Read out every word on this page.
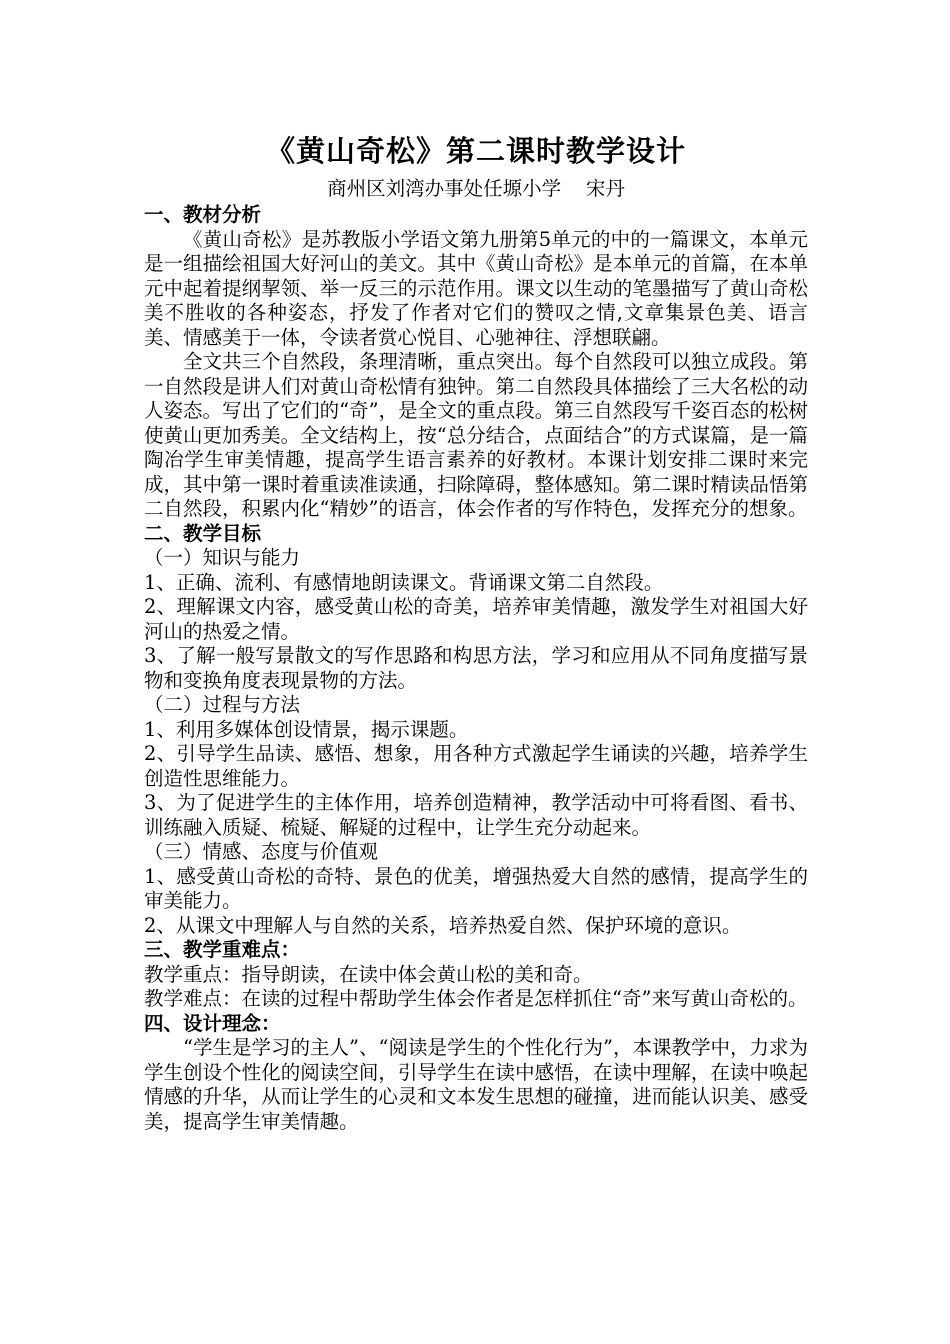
《黄山奇松》第二课时教学设计

商州区刘湾办事处任塬小学    宋丹

一、教材分析

《黄山奇松》是苏教版小学语文第九册第5单元的中的一篇课文，本单元是一组描绘祖国大好河山的美文。其中《黄山奇松》是本单元的首篇，在本单元中起着提纲挈领、举一反三的示范作用。课文以生动的笔墨描写了黄山奇松美不胜收的各种姿态，抒发了作者对它们的赞叹之情,文章集景色美、语言美、情感美于一体，令读者赏心悦目、心驰神往、浮想联翩。

全文共三个自然段，条理清晰，重点突出。每个自然段可以独立成段。第一自然段是讲人们对黄山奇松情有独钟。第二自然段具体描绘了三大名松的动人姿态。写出了它们的“奇”，是全文的重点段。第三自然段写千姿百态的松树使黄山更加秀美。全文结构上，按“总分结合，点面结合”的方式谋篇，是一篇陶冶学生审美情趣，提高学生语言素养的好教材。本课计划安排二课时来完成，其中第一课时着重读准读通，扫除障碍，整体感知。第二课时精读品悟第二自然段，积累内化“精妙”的语言，体会作者的写作特色，发挥充分的想象。

二、教学目标

（一）知识与能力

1、正确、流利、有感情地朗读课文。背诵课文第二自然段。

2、理解课文内容，感受黄山松的奇美，培养审美情趣，激发学生对祖国大好河山的热爱之情。

3、了解一般写景散文的写作思路和构思方法，学习和应用从不同角度描写景物和变换角度表现景物的方法。

（二）过程与方法

1、利用多媒体创设情景，揭示课题。

2、引导学生品读、感悟、想象，用各种方式激起学生诵读的兴趣，培养学生创造性思维能力。

3、为了促进学生的主体作用，培养创造精神，教学活动中可将看图、看书、训练融入质疑、梳疑、解疑的过程中，让学生充分动起来。

（三）情感、态度与价值观

1、感受黄山奇松的奇特、景色的优美，增强热爱大自然的感情，提高学生的审美能力。

2、从课文中理解人与自然的关系，培养热爱自然、保护环境的意识。

三、教学重难点：

教学重点：指导朗读，在读中体会黄山松的美和奇。

教学难点：在读的过程中帮助学生体会作者是怎样抓住“奇”来写黄山奇松的。

四、设计理念：

“学生是学习的主人”、“阅读是学生的个性化行为”，本课教学中，力求为学生创设个性化的阅读空间，引导学生在读中感悟，在读中理解，在读中唤起情感的升华，从而让学生的心灵和文本发生思想的碰撞，进而能认识美、感受美，提高学生审美情趣。
